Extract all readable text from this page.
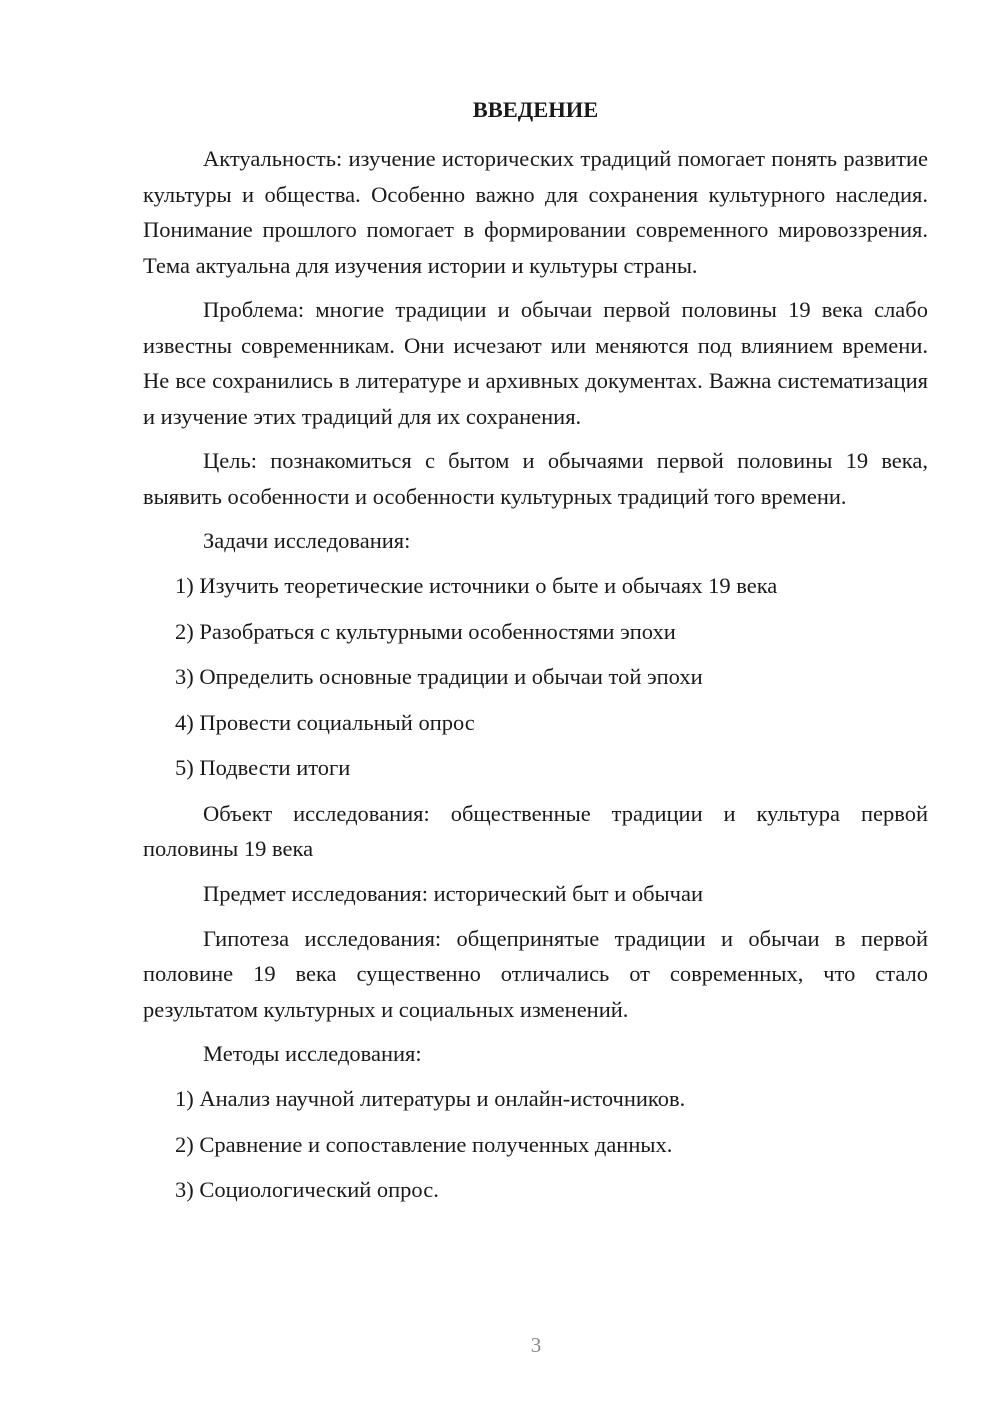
ВВЕДЕНИЕ

Актуальность: изучение исторических традиций помогает понять развитие культуры и общества. Особенно важно для сохранения культурного наследия. Понимание прошлого помогает в формировании современного мировоззрения. Тема актуальна для изучения истории и культуры страны.

Проблема: многие традиции и обычаи первой половины 19 века слабо известны современникам. Они исчезают или меняются под влиянием времени. Не все сохранились в литературе и архивных документах. Важна систематизация и изучение этих традиций для их сохранения.

Цель: познакомиться с бытом и обычаями первой половины 19 века, выявить особенности и особенности культурных традиций того времени.

Задачи исследования:

1) Изучить теоретические источники о быте и обычаях 19 века

2) Разобраться с культурными особенностями эпохи

3) Определить основные традиции и обычаи той эпохи

4) Провести социальный опрос

5) Подвести итоги

Объект исследования: общественные традиции и культура первой половины 19 века

Предмет исследования: исторический быт и обычаи

Гипотеза исследования: общепринятые традиции и обычаи в первой половине 19 века существенно отличались от современных, что стало результатом культурных и социальных изменений.

Методы исследования:

1) Анализ научной литературы и онлайн-источников.

2) Сравнение и сопоставление полученных данных.

3) Социологический опрос.

3
